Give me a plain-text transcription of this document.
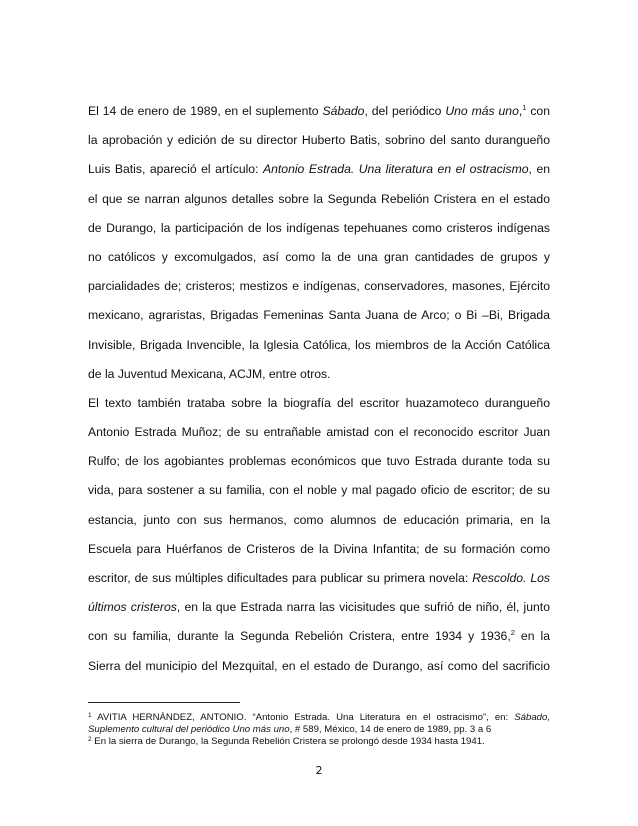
El 14 de enero de 1989, en el suplemento Sábado, del periódico Uno más uno,$^1$ con
la aprobación y edición de su director Huberto Batis, sobrino del santo duranguеño
Luis Batis, apareció el artículo: Antonio Estrada. Una literatura en el ostracismo, en
el que se narran algunos detalles sobre la Segunda Rebelión Cristera en el estado
de Durango, la participación de los indígenas tepehuanes como cristeros indígenas
no católicos y excomulgados, así como la de una gran cantidades de grupos y
parcialidades de; cristeros; mestizos e indígenas, conservadores, masones, Ejército
mexicano, agraristas, Brigadas Femeninas Santa Juana de Arco; o Bi –Bi, Brigada
Invisible, Brigada Invencible, la Iglesia Católica, los miembros de la Acción Católica
de la Juventud Mexicana, ACJM, entre otros.
El texto también trataba sobre la biografía del escritor huazamoteco duranguеño
Antonio Estrada Muñoz; de su entrañable amistad con el reconocido escritor Juan
Rulfo; de los agobiantes problemas económicos que tuvo Estrada durante toda su
vida, para sostener a su familia, con el noble y mal pagado oficio de escritor; de su
estancia, junto con sus hermanos, como alumnos de educación primaria, en la
Escuela para Huérfanos de Cristeros de la Divina Infantita; de su formación como
escritor, de sus múltiples dificultades para publicar su primera novela: Rescoldo. Los
últimos cristeros, en la que Estrada narra las vicisitudes que sufrió de niño, él, junto
con su familia, durante la Segunda Rebelión Cristera, entre 1934 y 1936,$^2$ en la
Sierra del municipio del Mezquital, en el estado de Durango, así como del sacrificio
$^1$ AVITIA HERNÁNDEZ, ANTONIO. “Antonio Estrada. Una Literatura en el ostracismo”, en: Sábado,
Suplemento cultural del periódico Uno más uno, # 589, México, 14 de enero de 1989, pp. 3 a 6
$^2$ En la sierra de Durango, la Segunda Rebelión Cristera se prolongó desde 1934 hasta 1941.
2
